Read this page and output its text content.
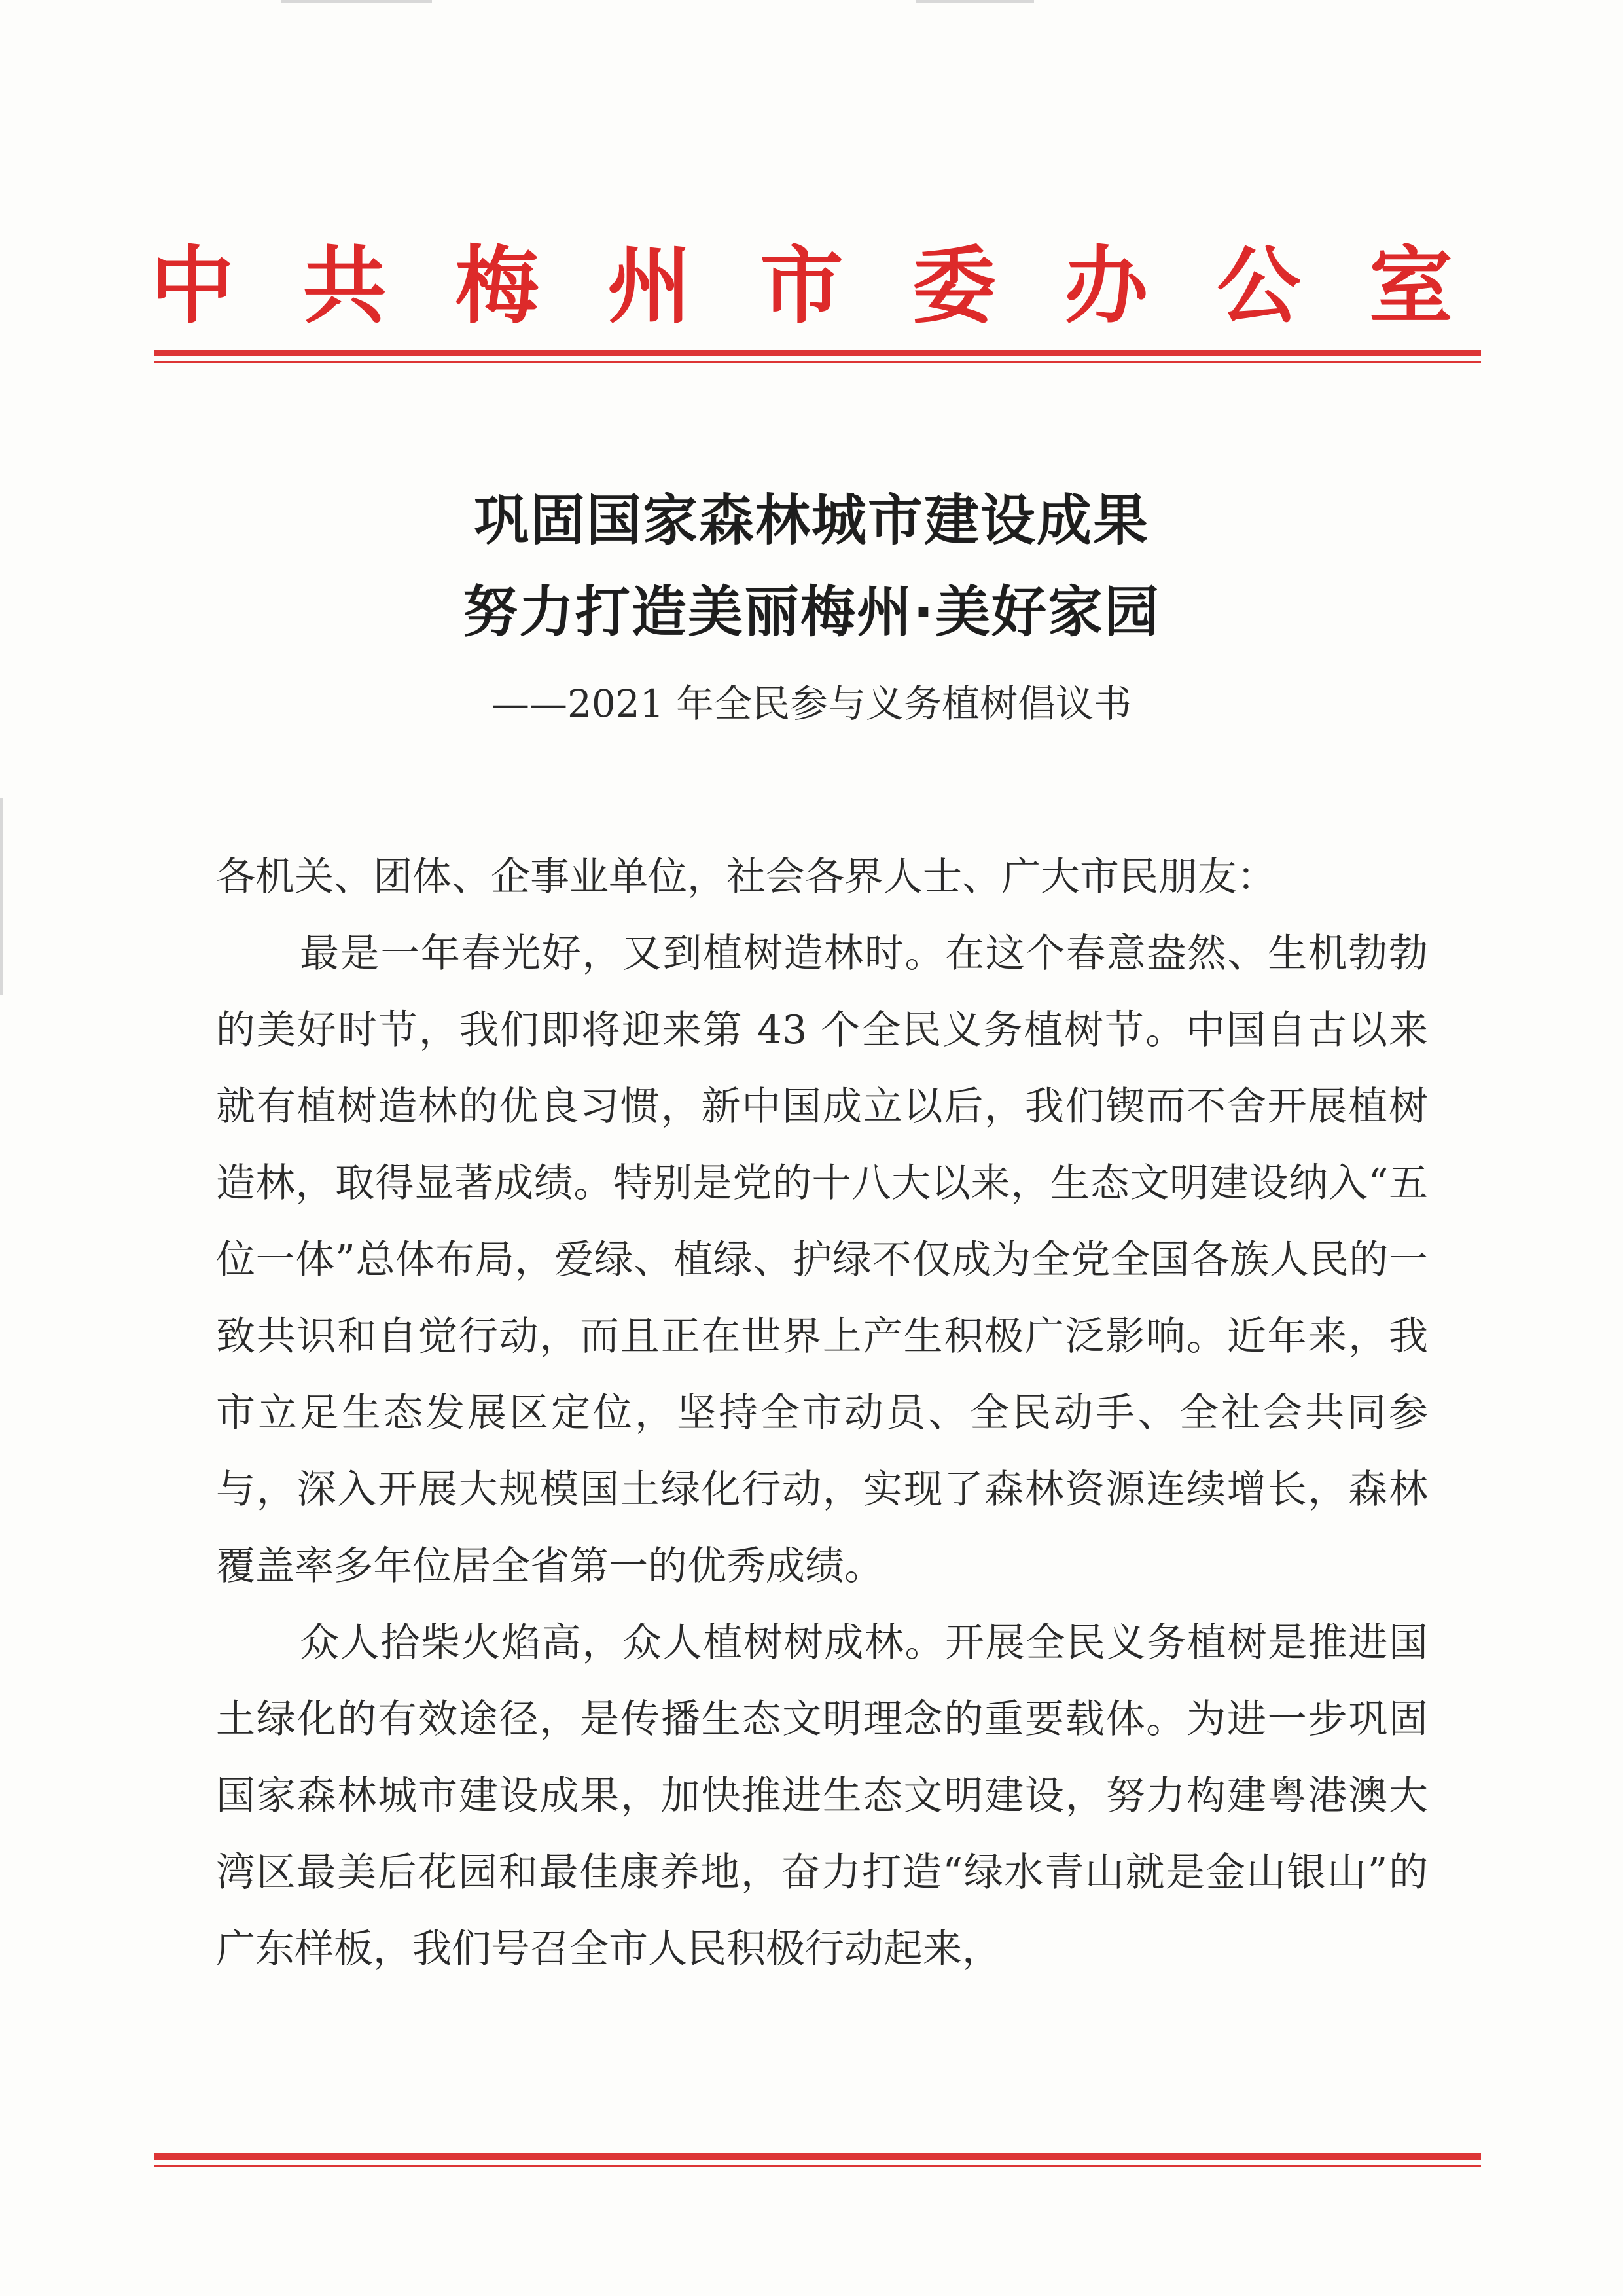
中共梅州市委办公室
巩固国家森林城市建设成果
努力打造美丽梅州·美好家园
——2021 年全民参与义务植树倡议书

各机关、团体、企事业单位，社会各界人士、广大市民朋友：

最是一年春光好，又到植树造林时。在这个春意盎然、生机勃勃的美好时节，我们即将迎来第 43 个全民义务植树节。中国自古以来就有植树造林的优良习惯，新中国成立以后，我们锲而不舍开展植树造林，取得显著成绩。特别是党的十八大以来，生态文明建设纳入“五位一体”总体布局，爱绿、植绿、护绿不仅成为全党全国各族人民的一致共识和自觉行动，而且正在世界上产生积极广泛影响。近年来，我市立足生态发展区定位，坚持全市动员、全民动手、全社会共同参与，深入开展大规模国土绿化行动，实现了森林资源连续增长，森林覆盖率多年位居全省第一的优秀成绩。

众人拾柴火焰高，众人植树树成林。开展全民义务植树是推进国土绿化的有效途径，是传播生态文明理念的重要载体。为进一步巩固国家森林城市建设成果，加快推进生态文明建设，努力构建粤港澳大湾区最美后花园和最佳康养地，奋力打造“绿水青山就是金山银山”的广东样板，我们号召全市人民积极行动起来，
